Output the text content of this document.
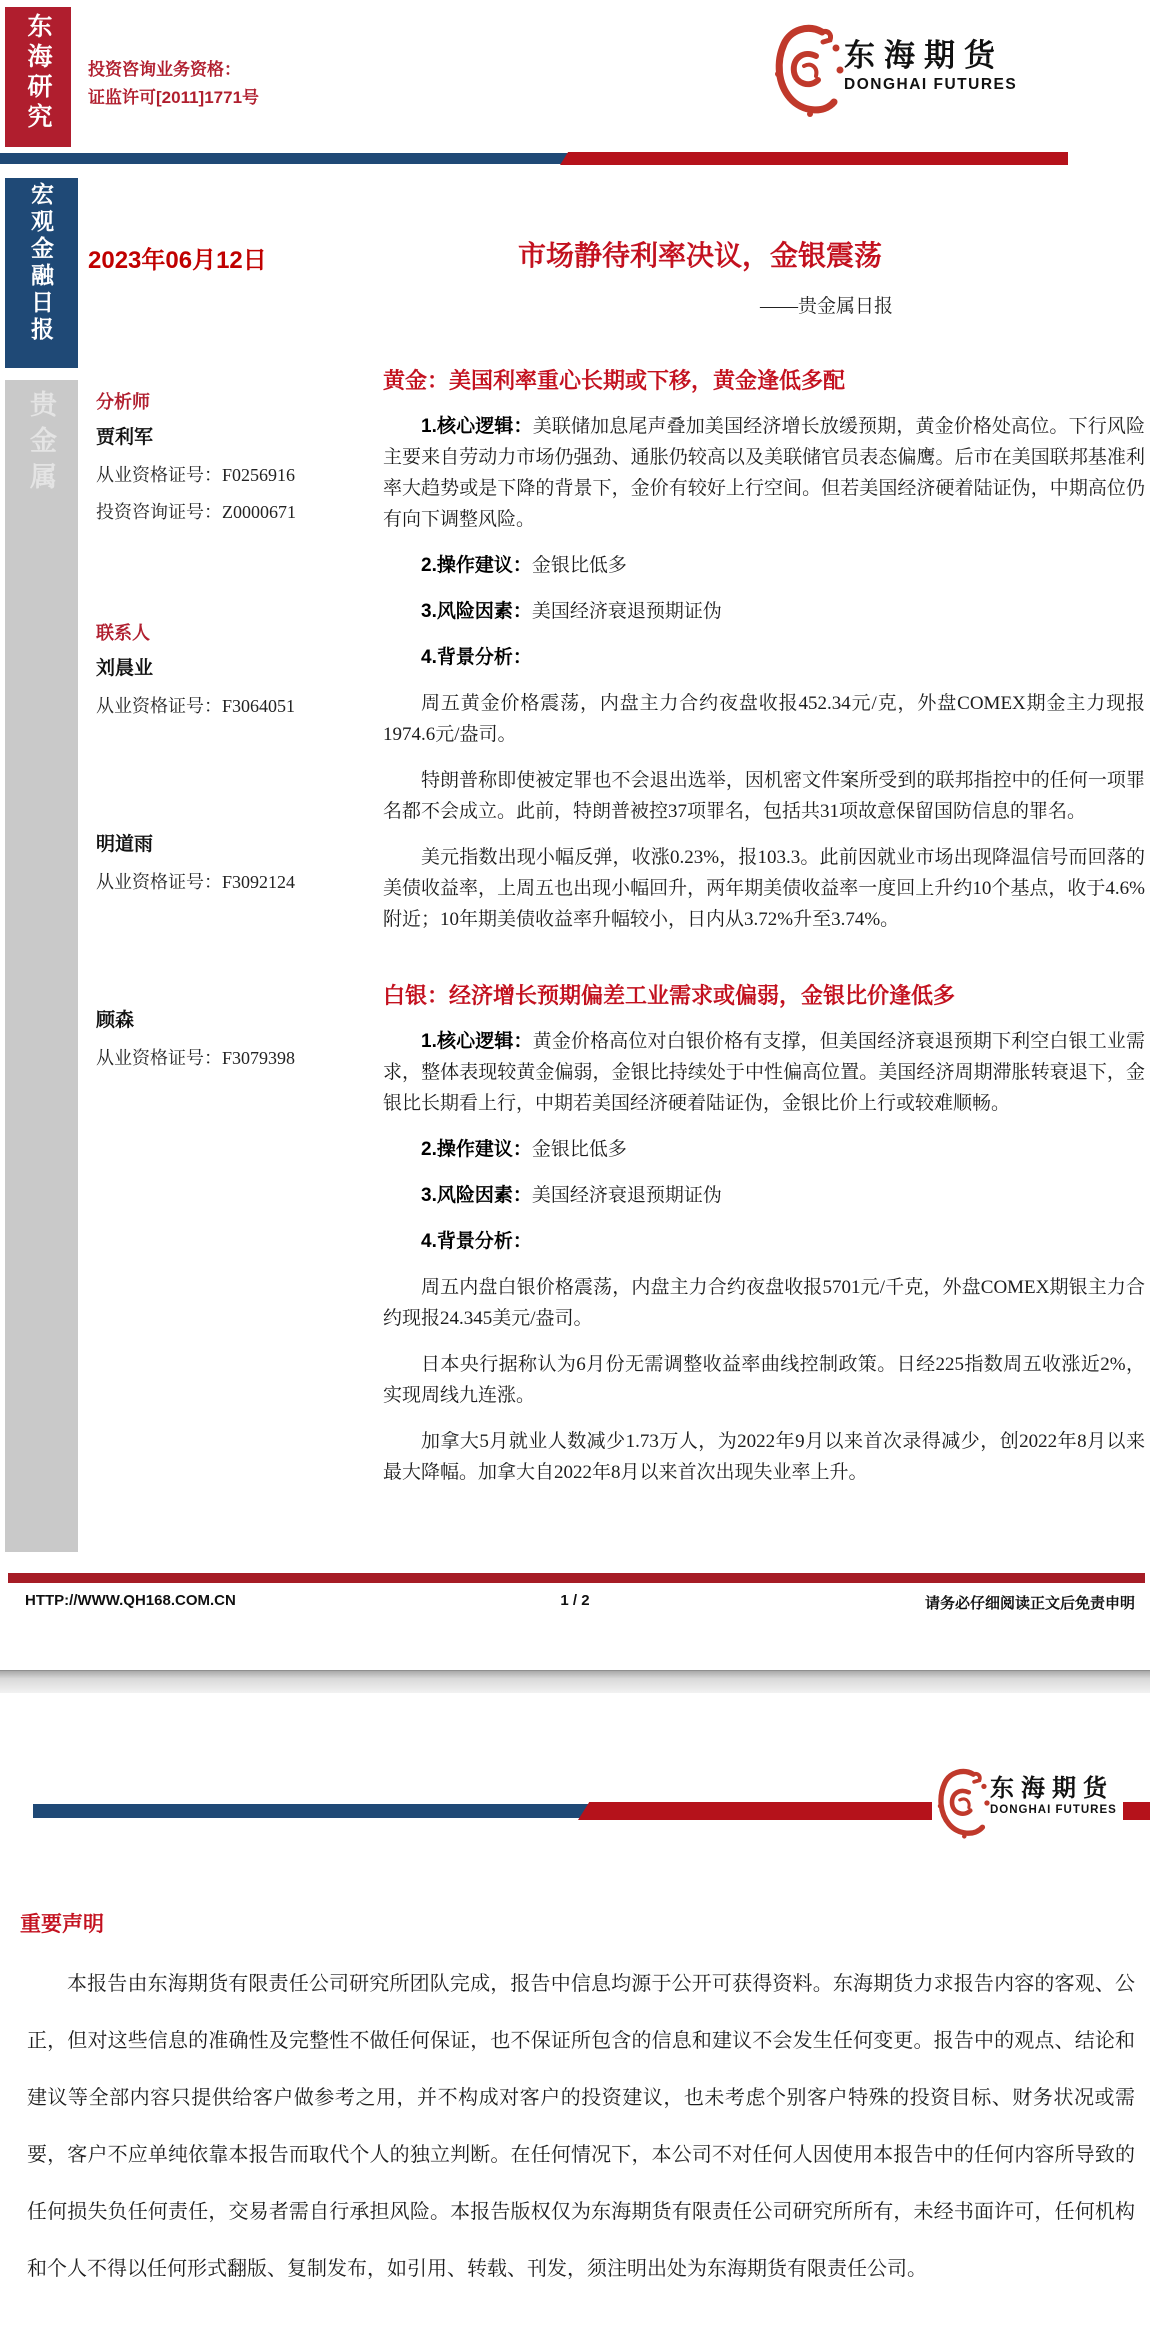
东海研究 投资咨询业务资格：
证监许可[2011]1771号
东海期货
DONGHAI FUTURES
宏观金融日报
贵金属
2023年06月12日

分析师

贾利军

从业资格证号：F0256916

投资咨询证号：Z0000671

联系人

刘晨业

从业资格证号：F3064051

明道雨

从业资格证号：F3092124

顾森

从业资格证号：F3079398

市场静待利率决议，金银震荡
——贵金属日报
黄金：美国利率重心长期或下移，黄金逢低多配

1.核心逻辑：美联储加息尾声叠加美国经济增长放缓预期，黄金价格处高位。下行风险主要来自劳动力市场仍强劲、通胀仍较高以及美联储官员表态偏鹰。后市在美国联邦基准利率大趋势或是下降的背景下，金价有较好上行空间。但若美国经济硬着陆证伪，中期高位仍有向下调整风险。

2.操作建议：金银比低多

3.风险因素：美国经济衰退预期证伪

4.背景分析：

周五黄金价格震荡，内盘主力合约夜盘收报452.34元/克，外盘COMEX期金主力现报1974.6元/盎司。

特朗普称即使被定罪也不会退出选举，因机密文件案所受到的联邦指控中的任何一项罪名都不会成立。此前，特朗普被控37项罪名，包括共31项故意保留国防信息的罪名。

美元指数出现小幅反弹，收涨0.23%，报103.3。此前因就业市场出现降温信号而回落的美债收益率，上周五也出现小幅回升，两年期美债收益率一度回上升约10个基点，收于4.6%附近；10年期美债收益率升幅较小，日内从3.72%升至3.74%。

白银：经济增长预期偏差工业需求或偏弱，金银比价逢低多

1.核心逻辑：黄金价格高位对白银价格有支撑，但美国经济衰退预期下利空白银工业需求，整体表现较黄金偏弱，金银比持续处于中性偏高位置。美国经济周期滞胀转衰退下，金银比长期看上行，中期若美国经济硬着陆证伪，金银比价上行或较难顺畅。

2.操作建议：金银比低多

3.风险因素：美国经济衰退预期证伪

4.背景分析：

周五内盘白银价格震荡，内盘主力合约夜盘收报5701元/千克，外盘COMEX期银主力合约现报24.345美元/盎司。

日本央行据称认为6月份无需调整收益率曲线控制政策。日经225指数周五收涨近2%，实现周线九连涨。

加拿大5月就业人数减少1.73万人，为2022年9月以来首次录得减少，创2022年8月以来最大降幅。加拿大自2022年8月以来首次出现失业率上升。

HTTP://WWW.QH168.COM.CN	1 / 2	请务必仔细阅读正文后免责申明
东海期货
DONGHAI FUTURES
重要声明
本报告由东海期货有限责任公司研究所团队完成，报告中信息均源于公开可获得资料。东海期货力求报告内容的客观、公正，但对这些信息的准确性及完整性不做任何保证，也不保证所包含的信息和建议不会发生任何变更。报告中的观点、结论和建议等全部内容只提供给客户做参考之用，并不构成对客户的投资建议，也未考虑个别客户特殊的投资目标、财务状况或需要，客户不应单纯依靠本报告而取代个人的独立判断。在任何情况下，本公司不对任何人因使用本报告中的任何内容所导致的任何损失负任何责任，交易者需自行承担风险。本报告版权仅为东海期货有限责任公司研究所所有，未经书面许可，任何机构和个人不得以任何形式翻版、复制发布，如引用、转载、刊发，须注明出处为东海期货有限责任公司。
